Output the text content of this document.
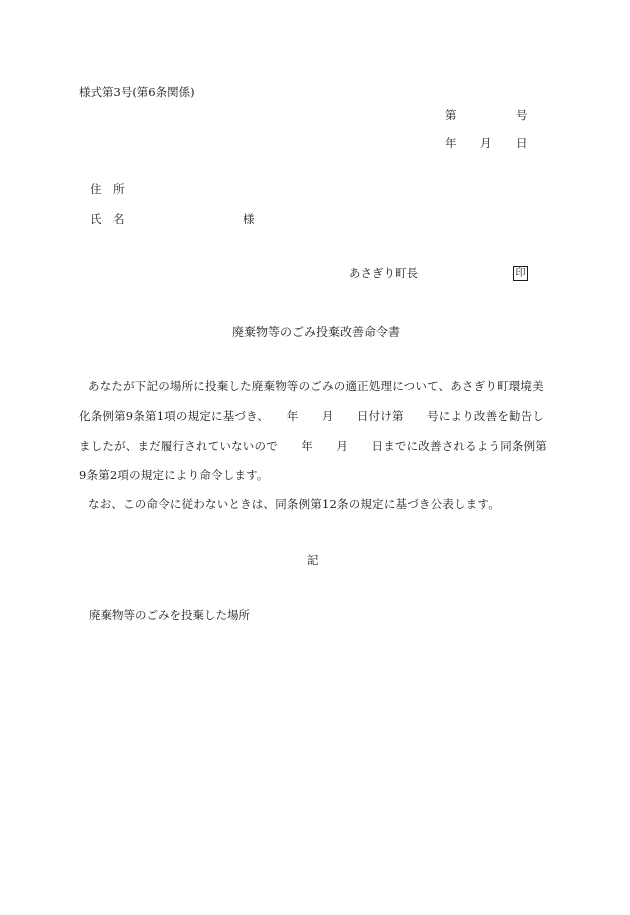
様式第3号(第6条関係)
第	号
年 月 日
住　所
氏　名	様
あさぎり町長	印
廃棄物等のごみ投棄改善命令書
あなたが下記の場所に投棄した廃棄物等のごみの適正処理について、あさぎり町環境美
化条例第9条第1項の規定に基づき、　　年　　月　　日付け第　　号により改善を勧告し
ましたが、まだ履行されていないので　　年　　月　　日までに改善されるよう同条例第
9条第2項の規定により命令します。
なお、この命令に従わないときは、同条例第12条の規定に基づき公表します。
記
廃棄物等のごみを投棄した場所
